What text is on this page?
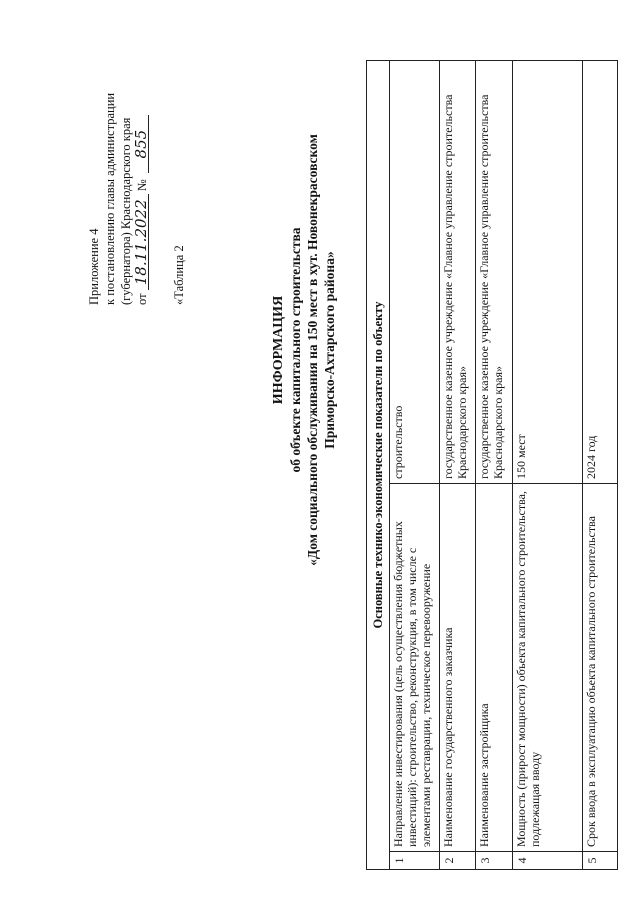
Приложение 4 к постановлению главы администрации (губернатора) Краснодарского края от 18.11.2022 № 855
«Таблица 2
ИНФОРМАЦИЯ об объекте капитального строительства «Дом социального обслуживания на 150 мест в хут. Новонекрасовском Приморско-Ахтарского района»	Основные технико-экономические показатели по объекту
1
Направление инвестирования (цель осуществления бюджетных инвестиций): строительство, реконструкция, в том числе с элементами реставрации, техническое перевооружение
строительство
2
Наименование государственного заказчика
государственное казенное учреждение «Главное управление строительства Краснодарского края»
3
Наименование застройщика
государственное казенное учреждение «Главное управление строительства Краснодарского края»
4
Мощность (прирост мощности) объекта капитального строительства, подлежащая вводу
150 мест
5
Срок ввода в эксплуатацию объекта капитального строительства
2024 год
